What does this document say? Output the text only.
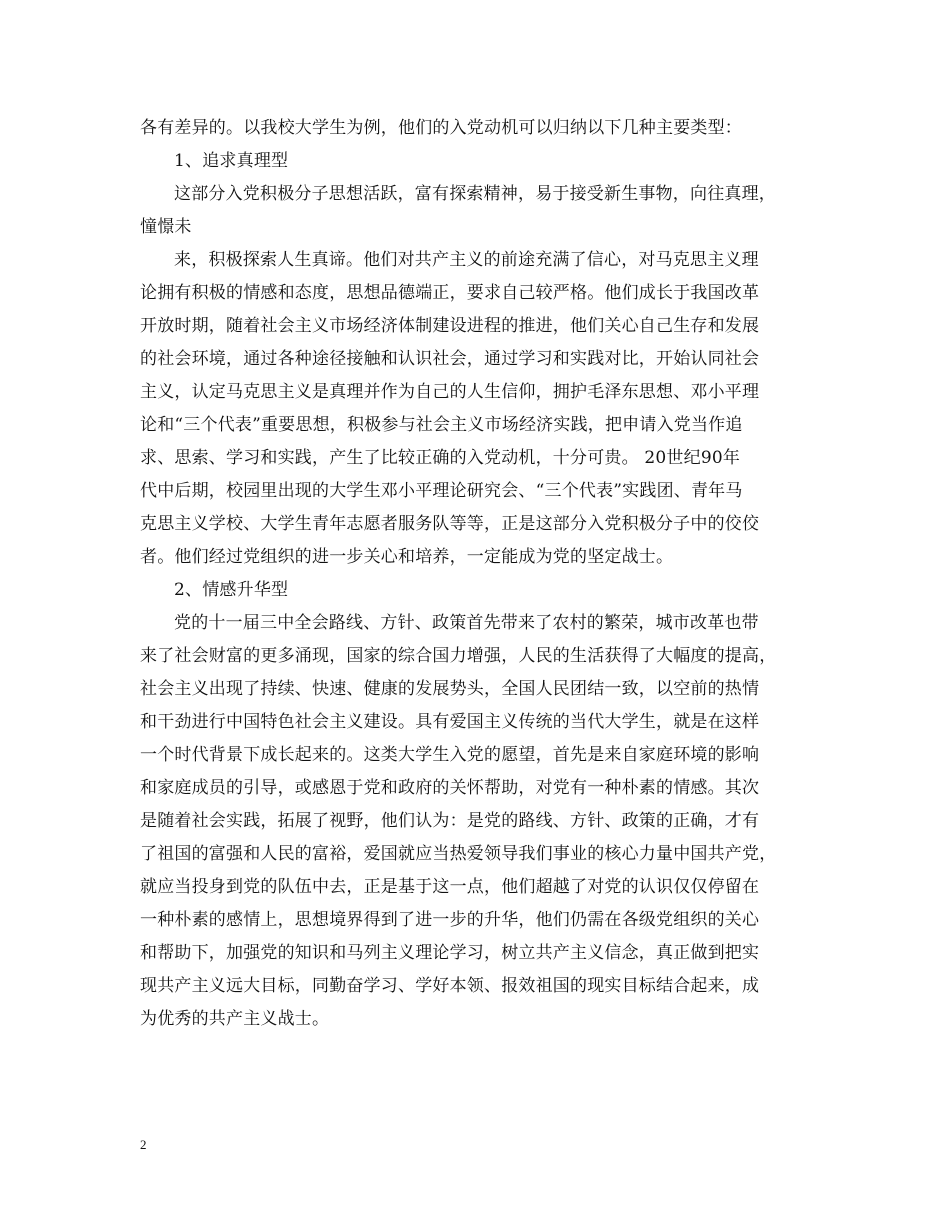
各有差异的。以我校大学生为例，他们的入党动机可以归纳以下几种主要类型：
1、追求真理型
这部分入党积极分子思想活跃，富有探索精神，易于接受新生事物，向往真理，
憧憬未
来，积极探索人生真谛。他们对共产主义的前途充满了信心，对马克思主义理
论拥有积极的情感和态度，思想品德端正，要求自己较严格。他们成长于我国改革
开放时期，随着社会主义市场经济体制建设进程的推进，他们关心自己生存和发展
的社会环境，通过各种途径接触和认识社会，通过学习和实践对比，开始认同社会
主义，认定马克思主义是真理并作为自己的人生信仰，拥护毛泽东思想、邓小平理
论和“三个代表”重要思想，积极参与社会主义市场经济实践，把申请入党当作追
求、思索、学习和实践，产生了比较正确的入党动机，十分可贵。 20世纪90年
代中后期，校园里出现的大学生邓小平理论研究会、“三个代表”实践团、青年马
克思主义学校、大学生青年志愿者服务队等等，正是这部分入党积极分子中的佼佼
者。他们经过党组织的进一步关心和培养，一定能成为党的坚定战士。
2、情感升华型
党的十一届三中全会路线、方针、政策首先带来了农村的繁荣，城市改革也带
来了社会财富的更多涌现，国家的综合国力增强，人民的生活获得了大幅度的提高，
社会主义出现了持续、快速、健康的发展势头，全国人民团结一致，以空前的热情
和干劲进行中国特色社会主义建设。具有爱国主义传统的当代大学生，就是在这样
一个时代背景下成长起来的。这类大学生入党的愿望，首先是来自家庭环境的影响
和家庭成员的引导，或感恩于党和政府的关怀帮助，对党有一种朴素的情感。其次
是随着社会实践，拓展了视野，他们认为：是党的路线、方针、政策的正确，才有
了祖国的富强和人民的富裕，爱国就应当热爱领导我们事业的核心力量中国共产党，
就应当投身到党的队伍中去，正是基于这一点，他们超越了对党的认识仅仅停留在
一种朴素的感情上，思想境界得到了进一步的升华，他们仍需在各级党组织的关心
和帮助下，加强党的知识和马列主义理论学习，树立共产主义信念，真正做到把实
现共产主义远大目标，同勤奋学习、学好本领、报效祖国的现实目标结合起来，成
为优秀的共产主义战士。
2
